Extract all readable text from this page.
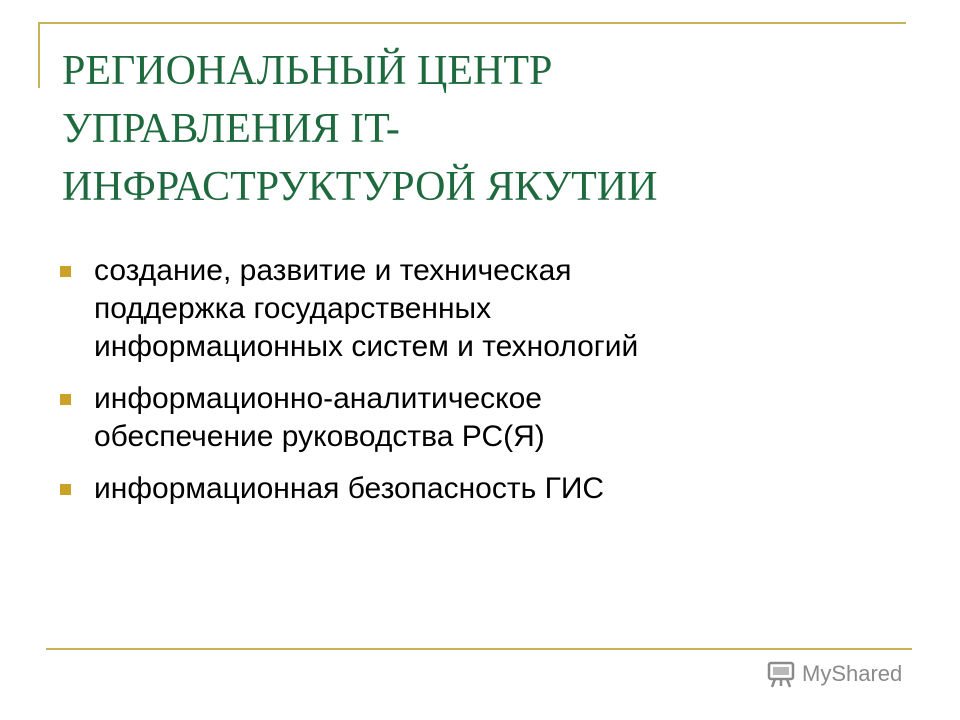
РЕГИОНАЛЬНЫЙ ЦЕНТР
УПРАВЛЕНИЯ IT-
ИНФРАСТРУКТУРОЙ ЯКУТИИ
создание, развитие и техническая
поддержка государственных
информационных систем и технологий
информационно-аналитическое
обеспечение руководства РС(Я)
информационная безопасность ГИС
MyShared
